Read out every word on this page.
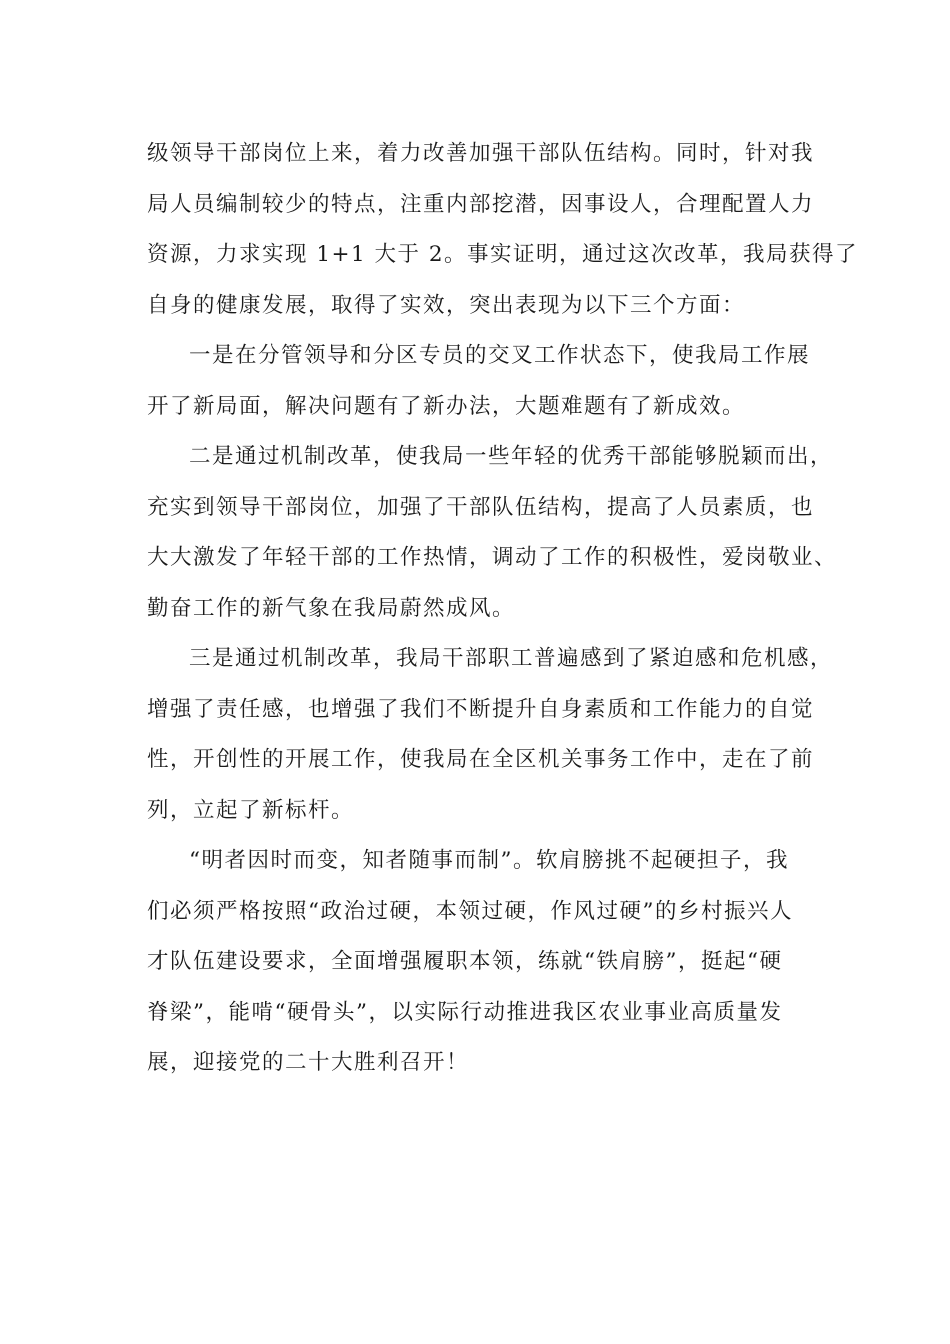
级领导干部岗位上来，着力改善加强干部队伍结构。同时，针对我
局人员编制较少的特点，注重内部挖潜，因事设人，合理配置人力
资源，力求实现 1+1 大于 2。事实证明，通过这次改革，我局获得了
自身的健康发展，取得了实效，突出表现为以下三个方面：
一是在分管领导和分区专员的交叉工作状态下，使我局工作展
开了新局面，解决问题有了新办法，大题难题有了新成效。
二是通过机制改革，使我局一些年轻的优秀干部能够脱颖而出，
充实到领导干部岗位，加强了干部队伍结构，提高了人员素质，也
大大激发了年轻干部的工作热情，调动了工作的积极性，爱岗敬业、
勤奋工作的新气象在我局蔚然成风。
三是通过机制改革，我局干部职工普遍感到了紧迫感和危机感，
增强了责任感，也增强了我们不断提升自身素质和工作能力的自觉
性，开创性的开展工作，使我局在全区机关事务工作中，走在了前
列，立起了新标杆。
“明者因时而变，知者随事而制”。软肩膀挑不起硬担子，我
们必须严格按照“政治过硬，本领过硬，作风过硬”的乡村振兴人
才队伍建设要求，全面增强履职本领，练就“铁肩膀”，挺起“硬
脊梁”，能啃“硬骨头”，以实际行动推进我区农业事业高质量发
展，迎接党的二十大胜利召开！
